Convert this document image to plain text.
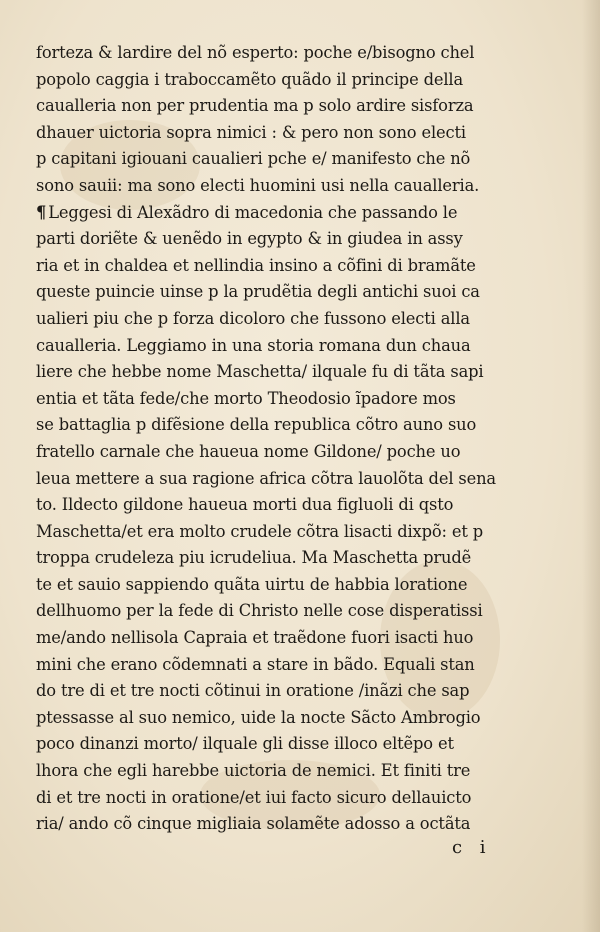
forteza & lardire del nõ esperto: poche e/bisogno chel
popolo caggia i traboccamẽto quãdo il principe della
caualleria non per prudentia ma p solo ardire sisforza
dhauer uictoria sopra nimici : & pero non sono electi
p capitani igiouani caualieri pche e/ manifesto che nõ
sono sauii: ma sono electi huomini usi nella caualleria.
¶ Leggesi di Alexãdro di macedonia che passando le
parti doriẽte & uenẽdo in egypto & in giudea in assy
ria et in chaldea et nellindia insino a cõfini di bramãte
queste puincie uinse p la prudẽtia degli antichi suoi ca
ualieri piu che p forza dicoloro che fussono electi alla
caualleria. Leggiamo in una storia romana dun chaua
liere che hebbe nome Maschetta/ ilquale fu di tãta sapi
entia et tãta fede/che morto Theodosio ĩpadore mos
se battaglia p difẽsione della republica cõtro auno suo
fratello carnale che haueua nome Gildone/ poche uo
leua mettere a sua ragione africa cõtra lauolõta del sena
to. Ildecto gildone haueua morti dua figluoli di qsto
Maschetta/et era molto crudele cõtra lisacti dixpõ: et p
troppa crudeleza piu icrudeliua. Ma Maschetta prudẽ
te et sauio sappiendo quãta uirtu de habbia loratione
dellhuomo per la fede di Christo nelle cose disperatissi
me/ando nellisola Capraia et traẽdone fuori isacti huo
mini che erano cõdemnati a stare in bãdo. Equali stan
do tre di et tre nocti cõtinui in oratione /inãzi che sap
ptessasse al suo nemico, uide la nocte Sãcto Ambrogio
poco dinanzi morto/ ilquale gli disse illoco eltẽpo et
lhora che egli harebbe uictoria de nemici. Et finiti tre
di et tre nocti in oratione/et iui facto sicuro dellauicto
ria/ ando cõ cinque migliaia solamẽte adosso a octãta
c i
